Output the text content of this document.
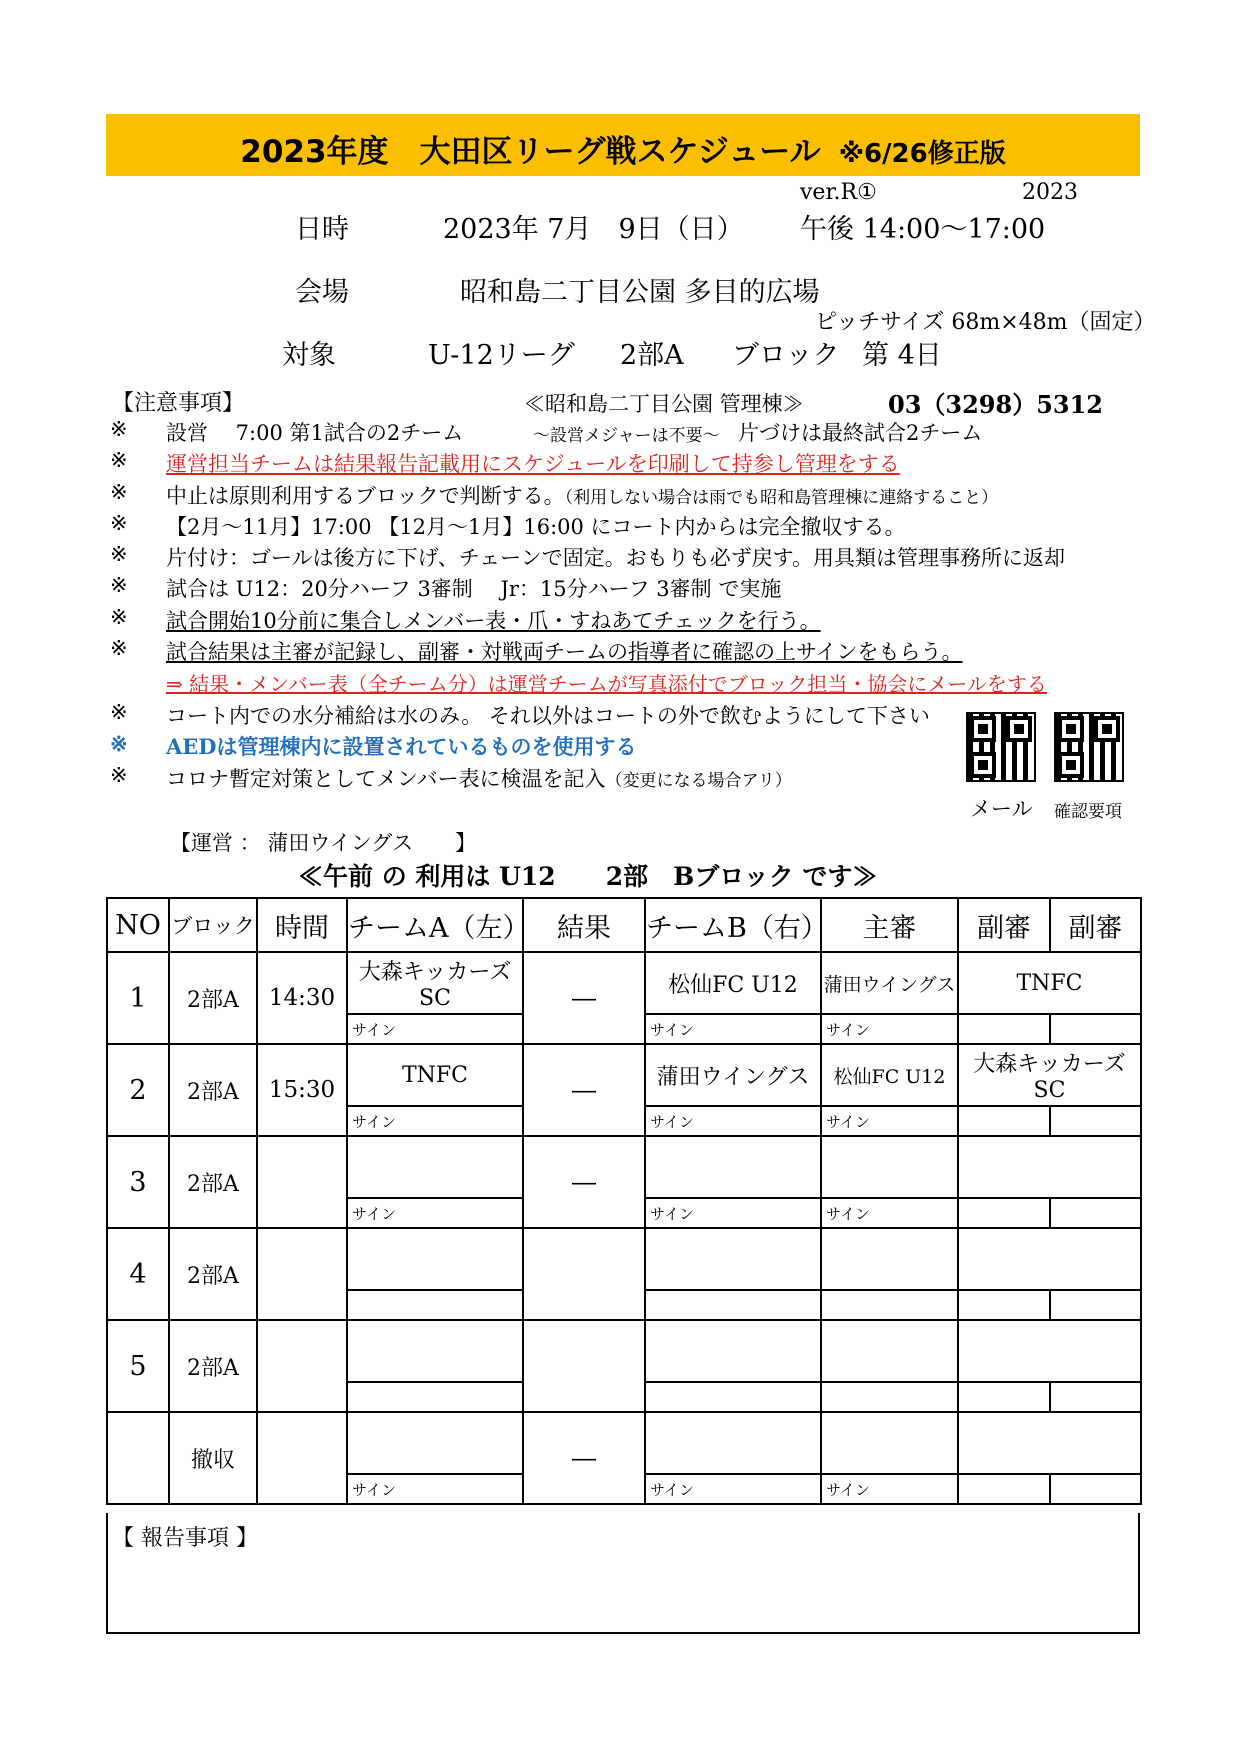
2023年度　大田区リーグ戦スケジュール ※6/26修正版
ver.R①	2023
日時	2023年 7月　9日（日） 午後 14:00～17:00
会場	昭和島二丁目公園 多目的広場
ピッチサイズ 68m×48m（固定）
対象	U-12リーグ 2部A ブロック 第 4日
【注意事項】	≪昭和島二丁目公園 管理棟≫	03（3298）5312
※ 設営　 7:00 第1試合の2チーム	～設営メジャーは不要～ 片づけは最終試合2チーム
※ 運営担当チームは結果報告記載用にスケジュールを印刷して持参し管理をする
※ 中止は原則利用するブロックで判断する。（利用しない場合は雨でも昭和島管理棟に連絡すること）
※ 【2月～11月】17:00 【12月～1月】16:00 にコート内からは完全撤収する。
※ 片付け：ゴールは後方に下げ、チェーンで固定。おもりも必ず戻す。用具類は管理事務所に返却
※ 試合は U12：20分ハーフ 3審制　 Jr：15分ハーフ 3審制 で実施
※ 試合開始10分前に集合しメンバー表・爪・すねあてチェックを行う。
※ 試合結果は主審が記録し、副審・対戦両チームの指導者に確認の上サインをもらう。
⇒ 結果・メンバー表（全チーム分）は運営チームが写真添付でブロック担当・協会にメールをする
※ コート内での水分補給は水のみ。 それ以外はコートの外で飲むようにして下さい
※ AEDは管理棟内に設置されているものを使用する
※ コロナ暫定対策としてメンバー表に検温を記入（変更になる場合アリ）
メール 確認要項
【運営 ： 蒲田ウイングス　　】
≪午前 の 利用は U12　　2部　Bブロック です≫
NO	ブロック	時間	チームA（左）	結果	チームB（右）	主審	副審	副審
1	2部A	14:30	大森キッカーズSC	―	松仙FC U12	蒲田ウイングス	TNFC	
			サイン		サイン	サイン		
2	2部A	15:30	TNFC	―	蒲田ウイングス	松仙FC U12	大森キッカーズSC	
			サイン		サイン	サイン		
3	2部A			―				
			サイン		サイン	サイン		
4	2部A							

5	2部A							

	撤収			―				
			サイン		サイン	サイン		
【 報告事項 】
